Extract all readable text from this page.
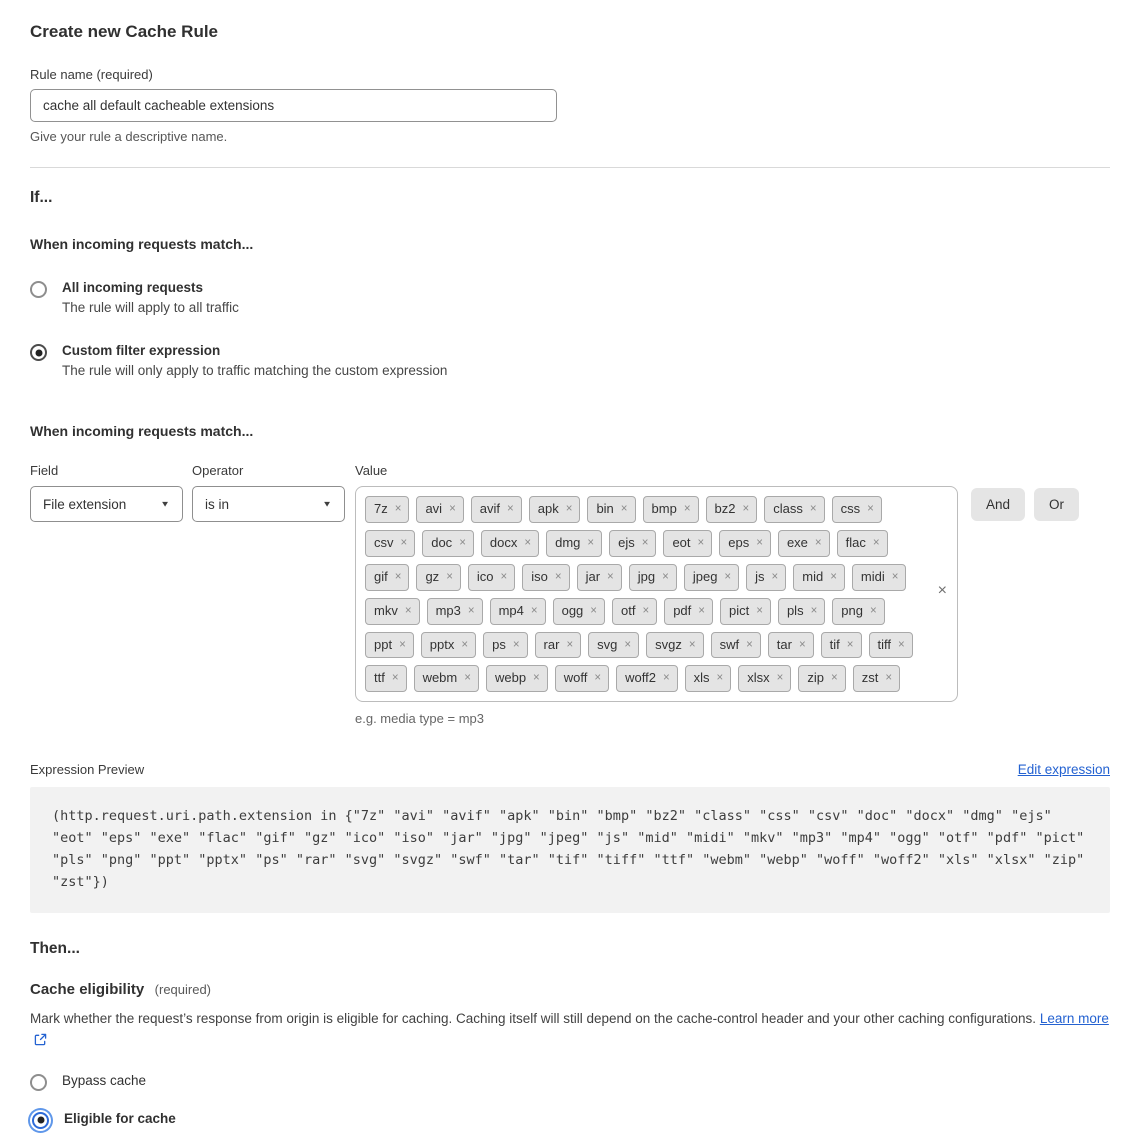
Create new Cache Rule
Rule name (required)
cache all default cacheable extensions
Give your rule a descriptive name.
If...
When incoming requests match...
All incoming requests
The rule will apply to all traffic
Custom filter expression
The rule will only apply to traffic matching the custom expression
When incoming requests match...
Field
File extension	▼
Operator
is in	▼
Value
7z ×	avi ×	avif ×	apk ×	bin ×	bmp ×	bz2 ×	class ×	css ×
csv ×	doc ×	docx ×	dmg ×	ejs ×	eot ×	eps ×	exe ×	flac ×
gif ×	gz ×	ico ×	iso ×	jar ×	jpg ×	jpeg ×	js ×	mid ×	midi ×
mkv ×	mp3 ×	mp4 ×	ogg ×	otf ×	pdf ×	pict ×	pls ×	png ×
ppt ×	pptx ×	ps ×	rar ×	svg ×	svgz ×	swf ×	tar ×	tif ×	tiff ×
ttf ×	webm ×	webp ×	woff ×	woff2 ×	xls ×	xlsx ×	zip ×	zst ×
×
And	Or
e.g. media type = mp3
Expression Preview	Edit expression
(http.request.uri.path.extension in {"7z" "avi" "avif" "apk" "bin" "bmp" "bz2" "class" "css" "csv" "doc" "docx" "dmg" "ejs" "eot" "eps" "exe" "flac" "gif" "gz" "ico" "iso" "jar" "jpg" "jpeg" "js" "mid" "midi" "mkv" "mp3" "mp4" "ogg" "otf" "pdf" "pict" "pls" "png" "ppt" "pptx" "ps" "rar" "svg" "svgz" "swf" "tar" "tif" "tiff" "ttf" "webm" "webp" "woff" "woff2" "xls" "xlsx" "zip" "zst"})
Then...
Cache eligibility (required)
Mark whether the request’s response from origin is eligible for caching. Caching itself will still depend on the cache-control header and your other caching configurations. Learn more
Bypass cache
Eligible for cache
